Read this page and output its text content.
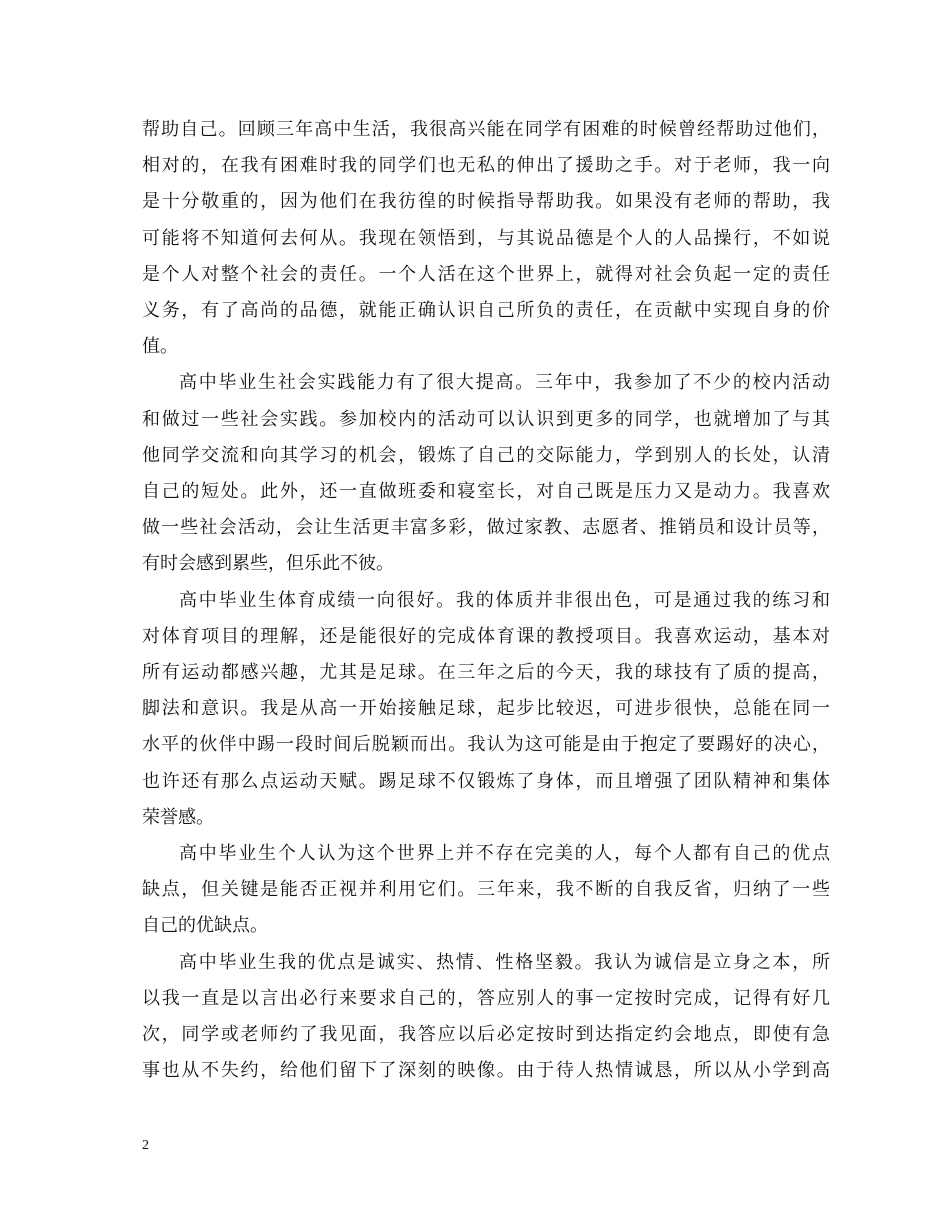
帮助自己。回顾三年高中生活，我很高兴能在同学有困难的时候曾经帮助过他们，
相对的，在我有困难时我的同学们也无私的伸出了援助之手。对于老师，我一向
是十分敬重的，因为他们在我彷徨的时候指导帮助我。如果没有老师的帮助，我
可能将不知道何去何从。我现在领悟到，与其说品德是个人的人品操行，不如说
是个人对整个社会的责任。一个人活在这个世界上，就得对社会负起一定的责任
义务，有了高尚的品德，就能正确认识自己所负的责任，在贡献中实现自身的价
值。

高中毕业生社会实践能力有了很大提高。三年中，我参加了不少的校内活动
和做过一些社会实践。参加校内的活动可以认识到更多的同学，也就增加了与其
他同学交流和向其学习的机会，锻炼了自己的交际能力，学到别人的长处，认清
自己的短处。此外，还一直做班委和寝室长，对自己既是压力又是动力。我喜欢
做一些社会活动，会让生活更丰富多彩，做过家教、志愿者、推销员和设计员等，
有时会感到累些，但乐此不彼。

高中毕业生体育成绩一向很好。我的体质并非很出色，可是通过我的练习和
对体育项目的理解，还是能很好的完成体育课的教授项目。我喜欢运动，基本对
所有运动都感兴趣，尤其是足球。在三年之后的今天，我的球技有了质的提高，
脚法和意识。我是从高一开始接触足球，起步比较迟，可进步很快，总能在同一
水平的伙伴中踢一段时间后脱颖而出。我认为这可能是由于抱定了要踢好的决心，
也许还有那么点运动天赋。踢足球不仅锻炼了身体，而且增强了团队精神和集体
荣誉感。

高中毕业生个人认为这个世界上并不存在完美的人，每个人都有自己的优点
缺点，但关键是能否正视并利用它们。三年来，我不断的自我反省，归纳了一些
自己的优缺点。

高中毕业生我的优点是诚实、热情、性格坚毅。我认为诚信是立身之本，所
以我一直是以言出必行来要求自己的，答应别人的事一定按时完成，记得有好几
次，同学或老师约了我见面，我答应以后必定按时到达指定约会地点，即使有急
事也从不失约，给他们留下了深刻的映像。由于待人热情诚恳，所以从小学到高

2
